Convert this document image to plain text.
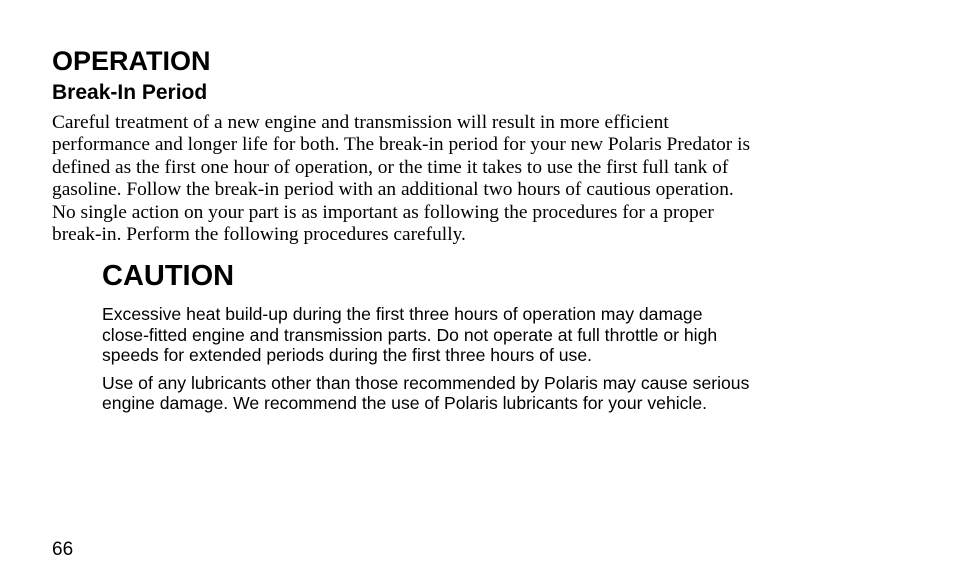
OPERATION
Break-In Period

Careful treatment of a new engine and transmission will result in more efficient
performance and longer life for both. The break-in period for your new Polaris Predator is
defined as the first one hour of operation, or the time it takes to use the first full tank of
gasoline. Follow the break-in period with an additional two hours of cautious operation.
No single action on your part is as important as following the procedures for a proper
break-in. Perform the following procedures carefully.

CAUTION

Excessive heat build-up during the first three hours of operation may damage
close-fitted engine and transmission parts. Do not operate at full throttle or high
speeds for extended periods during the first three hours of use.

Use of any lubricants other than those recommended by Polaris may cause serious
engine damage. We recommend the use of Polaris lubricants for your vehicle.

66
